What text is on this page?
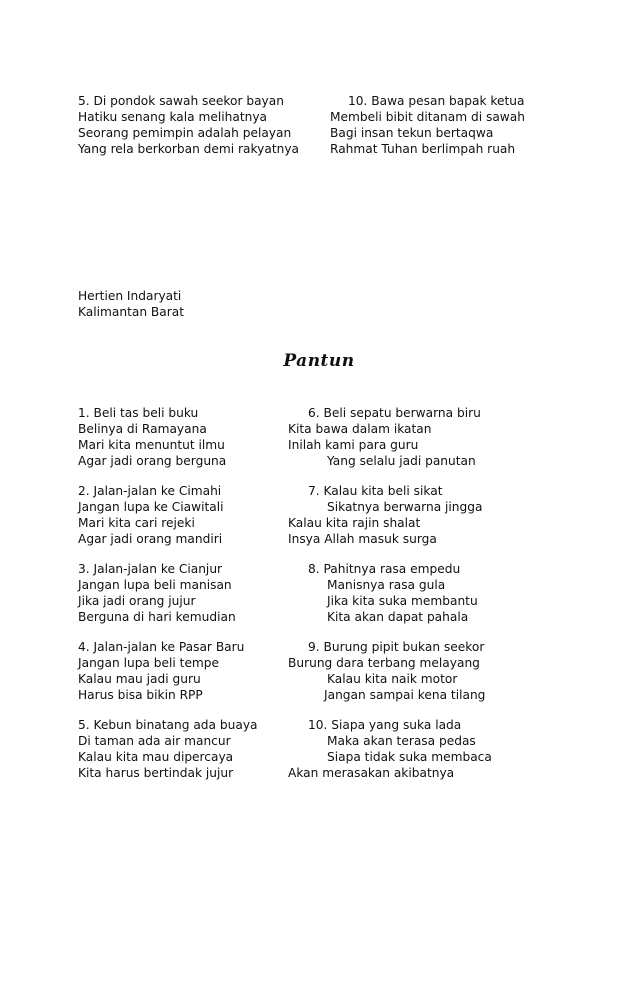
5. Di pondok sawah seekor bayan
Hatiku senang kala melihatnya
Seorang pemimpin adalah pelayan
Yang rela berkorban demi rakyatnya
10. Bawa pesan bapak ketua
Membeli bibit ditanam di sawah
Bagi insan tekun bertaqwa
Rahmat Tuhan berlimpah ruah
Hertien Indaryati
Kalimantan Barat
Pantun
1. Beli tas beli buku
Belinya di Ramayana
Mari kita menuntut ilmu
Agar jadi orang berguna
2. Jalan-jalan ke Cimahi
Jangan lupa ke Ciawitali
Mari kita cari rejeki
Agar jadi orang mandiri
3. Jalan-jalan ke Cianjur
Jangan lupa beli manisan
Jika jadi orang jujur
Berguna di hari kemudian
4. Jalan-jalan ke Pasar Baru
Jangan lupa beli tempe
Kalau mau jadi guru
Harus bisa bikin RPP
5. Kebun binatang ada buaya
Di taman ada air mancur
Kalau kita mau dipercaya
Kita harus bertindak jujur
6. Beli sepatu berwarna biru
Kita bawa dalam ikatan
Inilah kami para guru
Yang selalu jadi panutan
7. Kalau kita beli sikat
Sikatnya berwarna jingga
Kalau kita rajin shalat
Insya Allah masuk surga
8. Pahitnya rasa empedu
Manisnya rasa gula
Jika kita suka membantu
Kita akan dapat pahala
9. Burung pipit bukan seekor
Burung dara terbang melayang
Kalau kita naik motor
Jangan sampai kena tilang
10. Siapa yang suka lada
Maka akan terasa pedas
Siapa tidak suka membaca
Akan merasakan akibatnya
